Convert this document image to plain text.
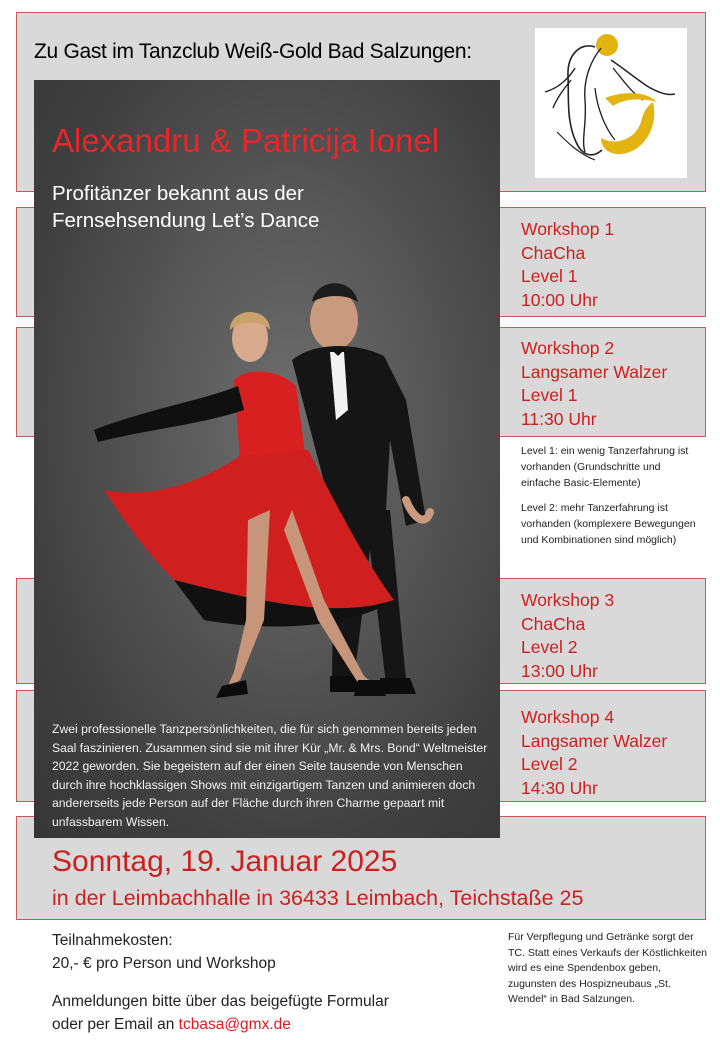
Zu Gast im Tanzclub Weiß-Gold Bad Salzungen:
Workshop 1
ChaCha
Level 1
10:00 Uhr
Workshop 2
Langsamer Walzer
Level 1
11:30 Uhr
Workshop 3
ChaCha
Level 2
13:00 Uhr
Workshop 4
Langsamer Walzer
Level 2
14:30 Uhr

Level 1: ein wenig Tanzerfahrung ist vorhanden (Grundschritte und einfache Basic-Elemente)

Level 2: mehr Tanzerfahrung ist vorhanden (komplexere Bewegungen und Kombinationen sind möglich)

Alexandru & Patricija Ionel
Profitänzer bekannt aus der
Fernsehsendung Let’s Dance
Zwei professionelle Tanzpersönlichkeiten, die für sich genommen bereits jeden Saal faszinieren. Zusammen sind sie mit ihrer Kür „Mr. & Mrs. Bond“ Weltmeister 2022 geworden. Sie begeistern auf der einen Seite tausende von Menschen durch ihre hochklassigen Shows mit einzigartigem Tanzen und animieren doch andererseits jede Person auf der Fläche durch ihren Charme gepaart mit unfassbarem Wissen.
Sonntag, 19. Januar 2025
in der Leimbachhalle in 36433 Leimbach, Teichstaße 25
Teilnahmekosten:
20,- € pro Person und Workshop
Anmeldungen bitte über das beigefügte Formular
oder per Email an tcbasa@gmx.de
Für Verpflegung und Getränke sorgt der TC. Statt eines Verkaufs der Köstlichkeiten wird es eine Spendenbox geben, zugunsten des Hospizneubaus „St. Wendel“ in Bad Salzungen.
